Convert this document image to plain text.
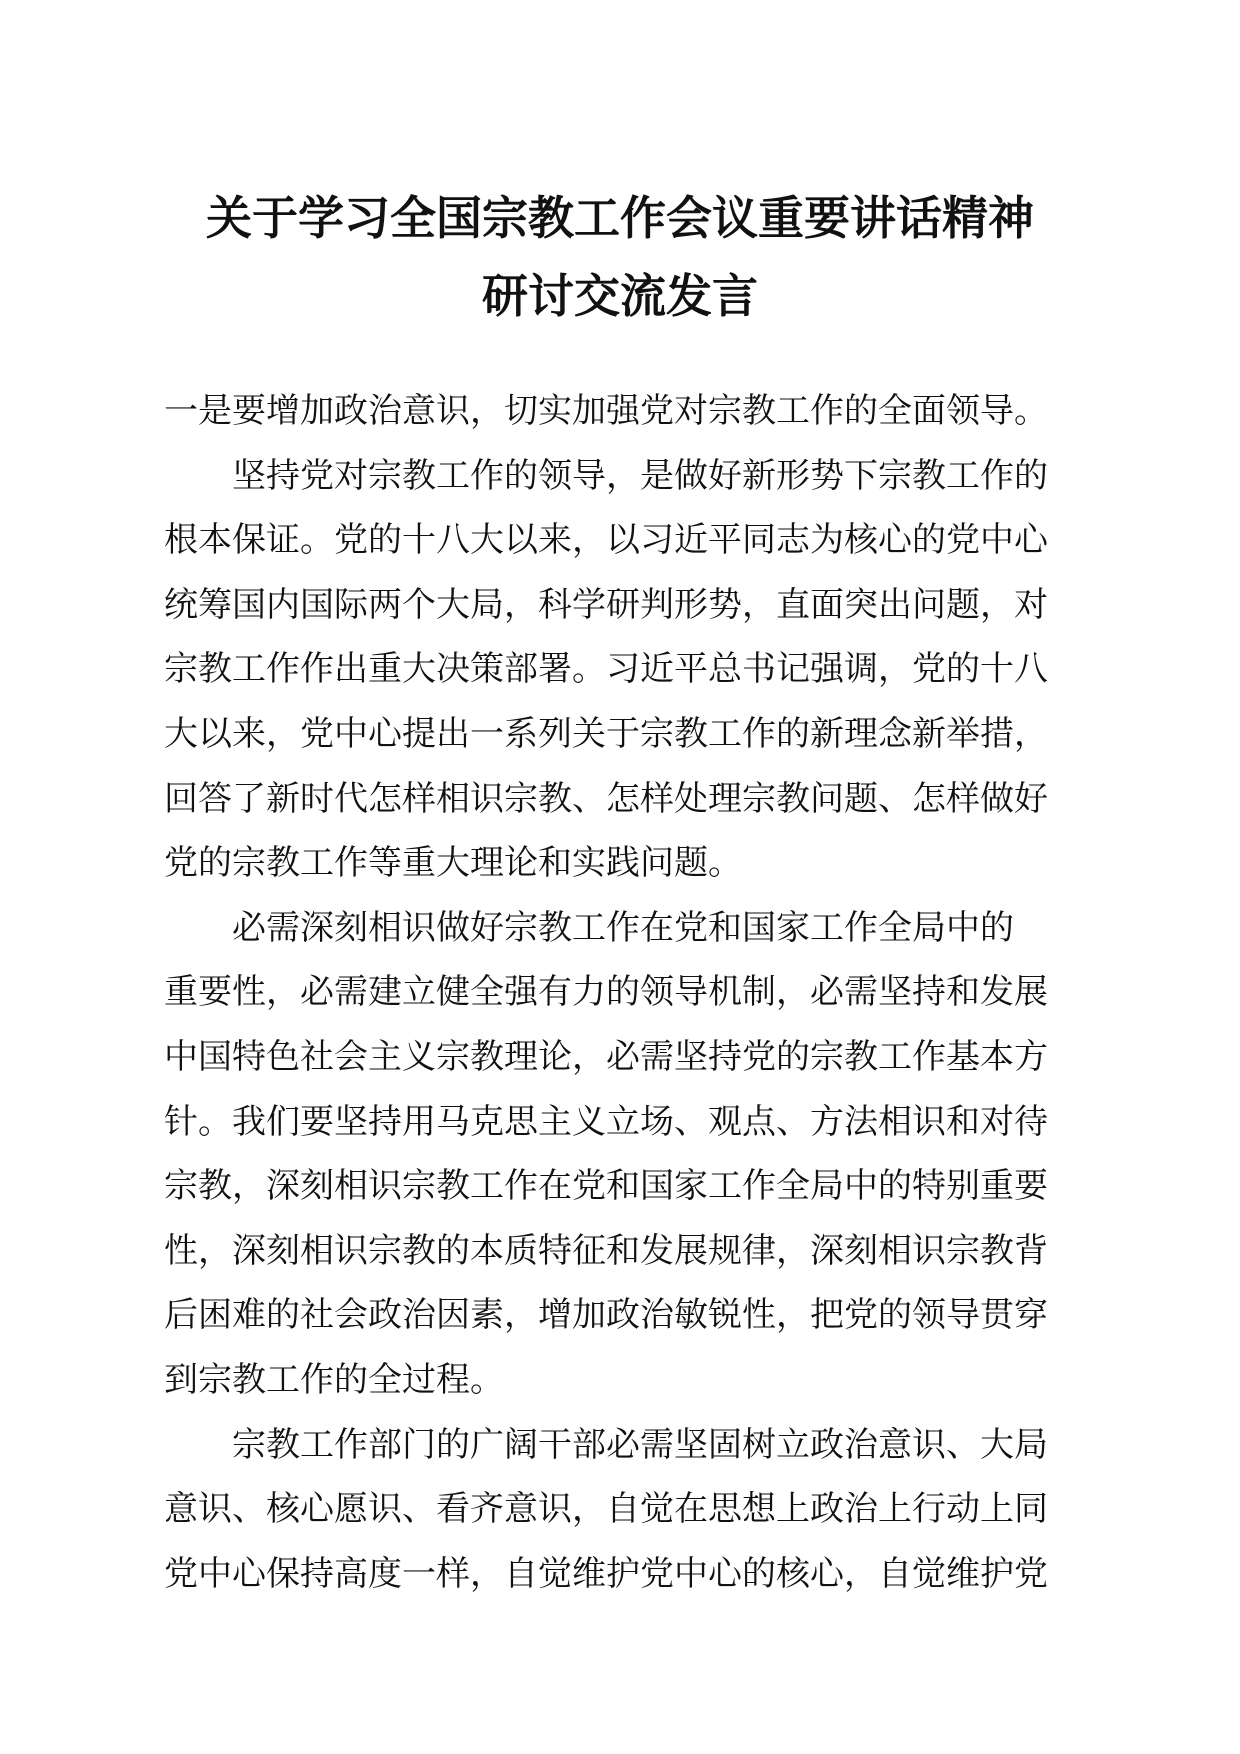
关于学习全国宗教工作会议重要讲话精神
研讨交流发言
一是要增加政治意识，切实加强党对宗教工作的全面领导。
坚持党对宗教工作的领导，是做好新形势下宗教工作的
根本保证。党的十八大以来，以习近平同志为核心的党中心
统筹国内国际两个大局，科学研判形势，直面突出问题，对
宗教工作作出重大决策部署。习近平总书记强调，党的十八
大以来，党中心提出一系列关于宗教工作的新理念新举措，
回答了新时代怎样相识宗教、怎样处理宗教问题、怎样做好
党的宗教工作等重大理论和实践问题。
必需深刻相识做好宗教工作在党和国家工作全局中的
重要性，必需建立健全强有力的领导机制，必需坚持和发展
中国特色社会主义宗教理论，必需坚持党的宗教工作基本方
针。我们要坚持用马克思主义立场、观点、方法相识和对待
宗教，深刻相识宗教工作在党和国家工作全局中的特别重要
性，深刻相识宗教的本质特征和发展规律，深刻相识宗教背
后困难的社会政治因素，增加政治敏锐性，把党的领导贯穿
到宗教工作的全过程。
宗教工作部门的广阔干部必需坚固树立政治意识、大局
意识、核心愿识、看齐意识，自觉在思想上政治上行动上同
党中心保持高度一样，自觉维护党中心的核心，自觉维护党
